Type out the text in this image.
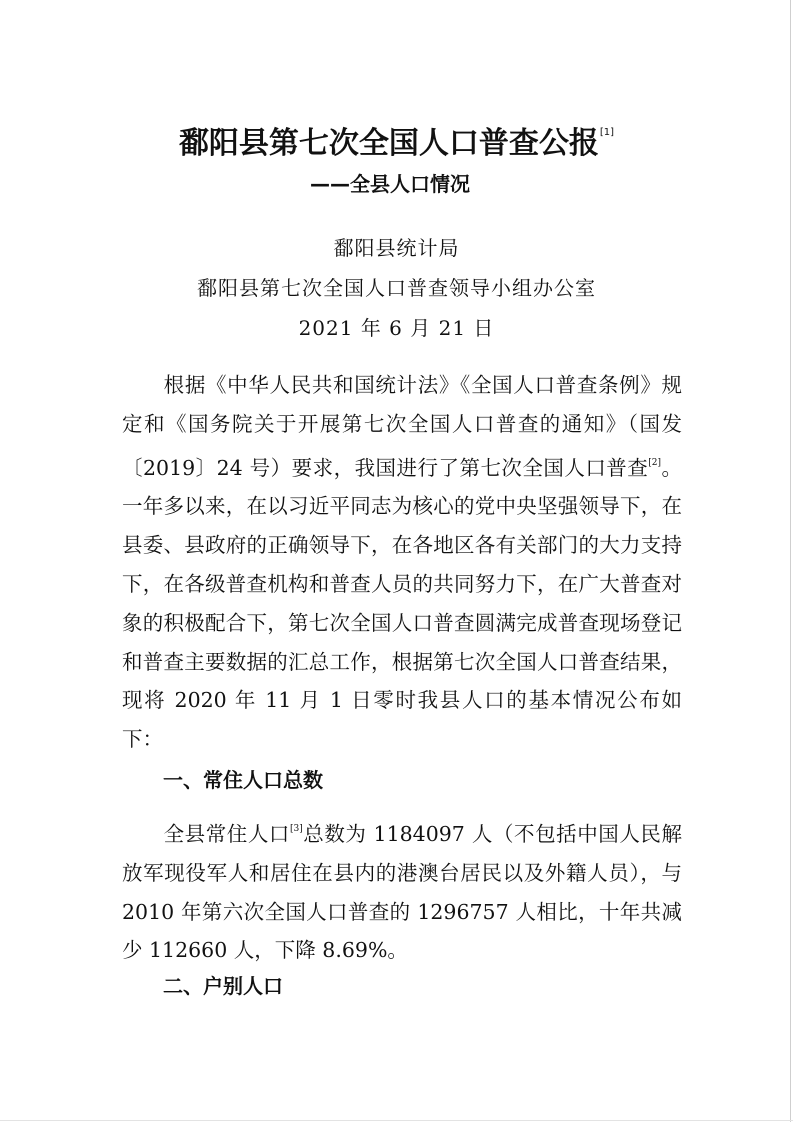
鄱阳县第七次全国人口普查公报[1]
——全县人口情况
鄱阳县统计局
鄱阳县第七次全国人口普查领导小组办公室
2021 年 6 月 21 日
根据《中华人民共和国统计法》《全国人口普查条例》规定和《国务院关于开展第七次全国人口普查的通知》（国发〔2019〕24 号）要求，我国进行了第七次全国人口普查[2]。一年多以来，在以习近平同志为核心的党中央坚强领导下，在县委、县政府的正确领导下，在各地区各有关部门的大力支持下，在各级普查机构和普查人员的共同努力下，在广大普查对象的积极配合下，第七次全国人口普查圆满完成普查现场登记和普查主要数据的汇总工作，根据第七次全国人口普查结果，现将 2020 年 11 月 1 日零时我县人口的基本情况公布如下：
一、常住人口总数
全县常住人口[3]总数为 1184097 人（不包括中国人民解放军现役军人和居住在县内的港澳台居民以及外籍人员），与 2010 年第六次全国人口普查的 1296757 人相比，十年共减少 112660 人，下降 8.69%。
二、户别人口
